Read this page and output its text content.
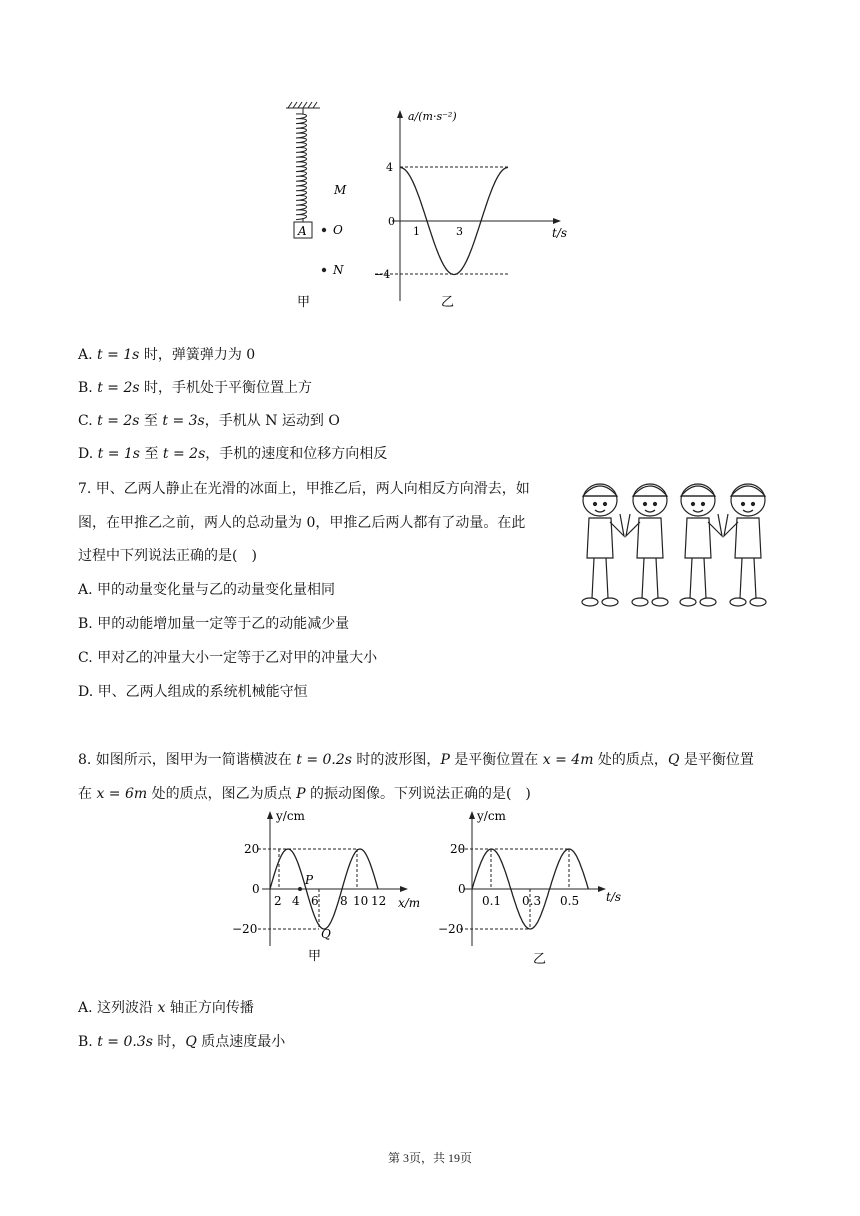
A O
N
M
甲
a/(m·s⁻²)
t/s
4
0
−4
1	3
乙
A. t = 1s 时，弹簧弹力为 0
B. t = 2s 时，手机处于平衡位置上方
C. t = 2s 至 t = 3s，手机从 N 运动到 O
D. t = 1s 至 t = 2s，手机的速度和位移方向相反
7. 甲、乙两人静止在光滑的冰面上，甲推乙后，两人向相反方向滑去，如
图，在甲推乙之前，两人的总动量为 0，甲推乙后两人都有了动量。在此
过程中下列说法正确的是(　)
A. 甲的动量变化量与乙的动量变化量相同
B. 甲的动能增加量一定等于乙的动能减少量
C. 甲对乙的冲量大小一定等于乙对甲的冲量大小
D. 甲、乙两人组成的系统机械能守恒
8. 如图所示，图甲为一简谐横波在 t = 0.2s 时的波形图，P 是平衡位置在 x = 4m 处的质点，Q 是平衡位置
在 x = 6m 处的质点，图乙为质点 P 的振动图像。下列说法正确的是(　)
y/cm
x/m
20
0
−20
2 4 6 8 10 12
P
Q
甲
y/cm
t/s
20
0
−20
0.1 0.3 0.5
乙
A. 这列波沿 x 轴正方向传播
B. t = 0.3s 时，Q 质点速度最小
第 3页，共 19页
